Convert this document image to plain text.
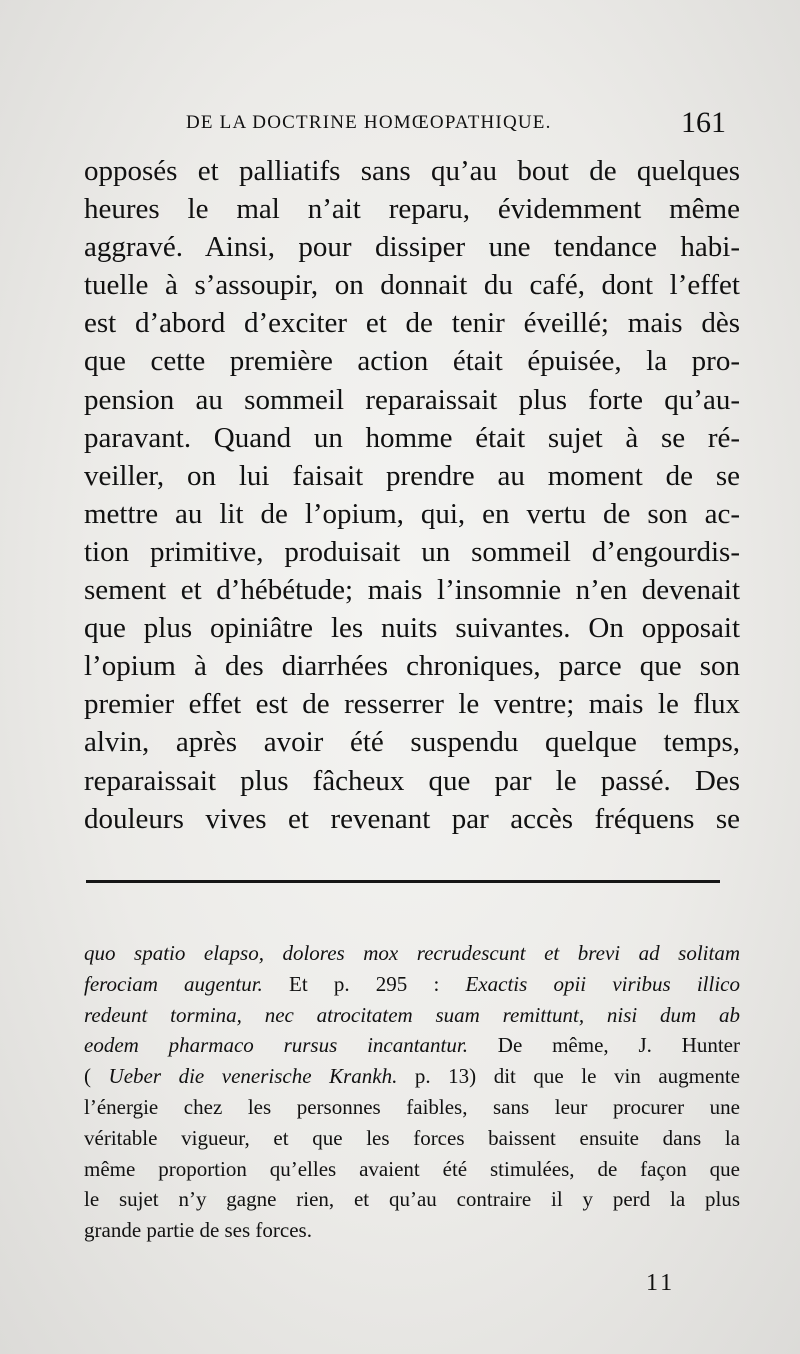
DE LA DOCTRINE HOMŒOPATHIQUE.	161
opposés et palliatifs sans qu’au bout de quelques
heures le mal n’ait reparu, évidemment même
aggravé. Ainsi, pour dissiper une tendance habi-
tuelle à s’assoupir, on donnait du café, dont l’effet
est d’abord d’exciter et de tenir éveillé; mais dès
que cette première action était épuisée, la pro-
pension au sommeil reparaissait plus forte qu’au-
paravant. Quand un homme était sujet à se ré-
veiller, on lui faisait prendre au moment de se
mettre au lit de l’opium, qui, en vertu de son ac-
tion primitive, produisait un sommeil d’engourdis-
sement et d’hébétude; mais l’insomnie n’en devenait
que plus opiniâtre les nuits suivantes. On opposait
l’opium à des diarrhées chroniques, parce que son
premier effet est de resserrer le ventre; mais le flux
alvin, après avoir été suspendu quelque temps,
reparaissait plus fâcheux que par le passé. Des
douleurs vives et revenant par accès fréquens se
quo spatio elapso, dolores mox recrudescunt et brevi ad solitam
ferociam augentur. Et p. 295 : Exactis opii viribus illico
redeunt tormina, nec atrocitatem suam remittunt, nisi dum ab
eodem pharmaco rursus incantantur. De même, J. Hunter
( Ueber die venerische Krankh. p. 13) dit que le vin augmente
l’énergie chez les personnes faibles, sans leur procurer une
véritable vigueur, et que les forces baissent ensuite dans la
même proportion qu’elles avaient été stimulées, de façon que
le sujet n’y gagne rien, et qu’au contraire il y perd la plus
grande partie de ses forces.
11
